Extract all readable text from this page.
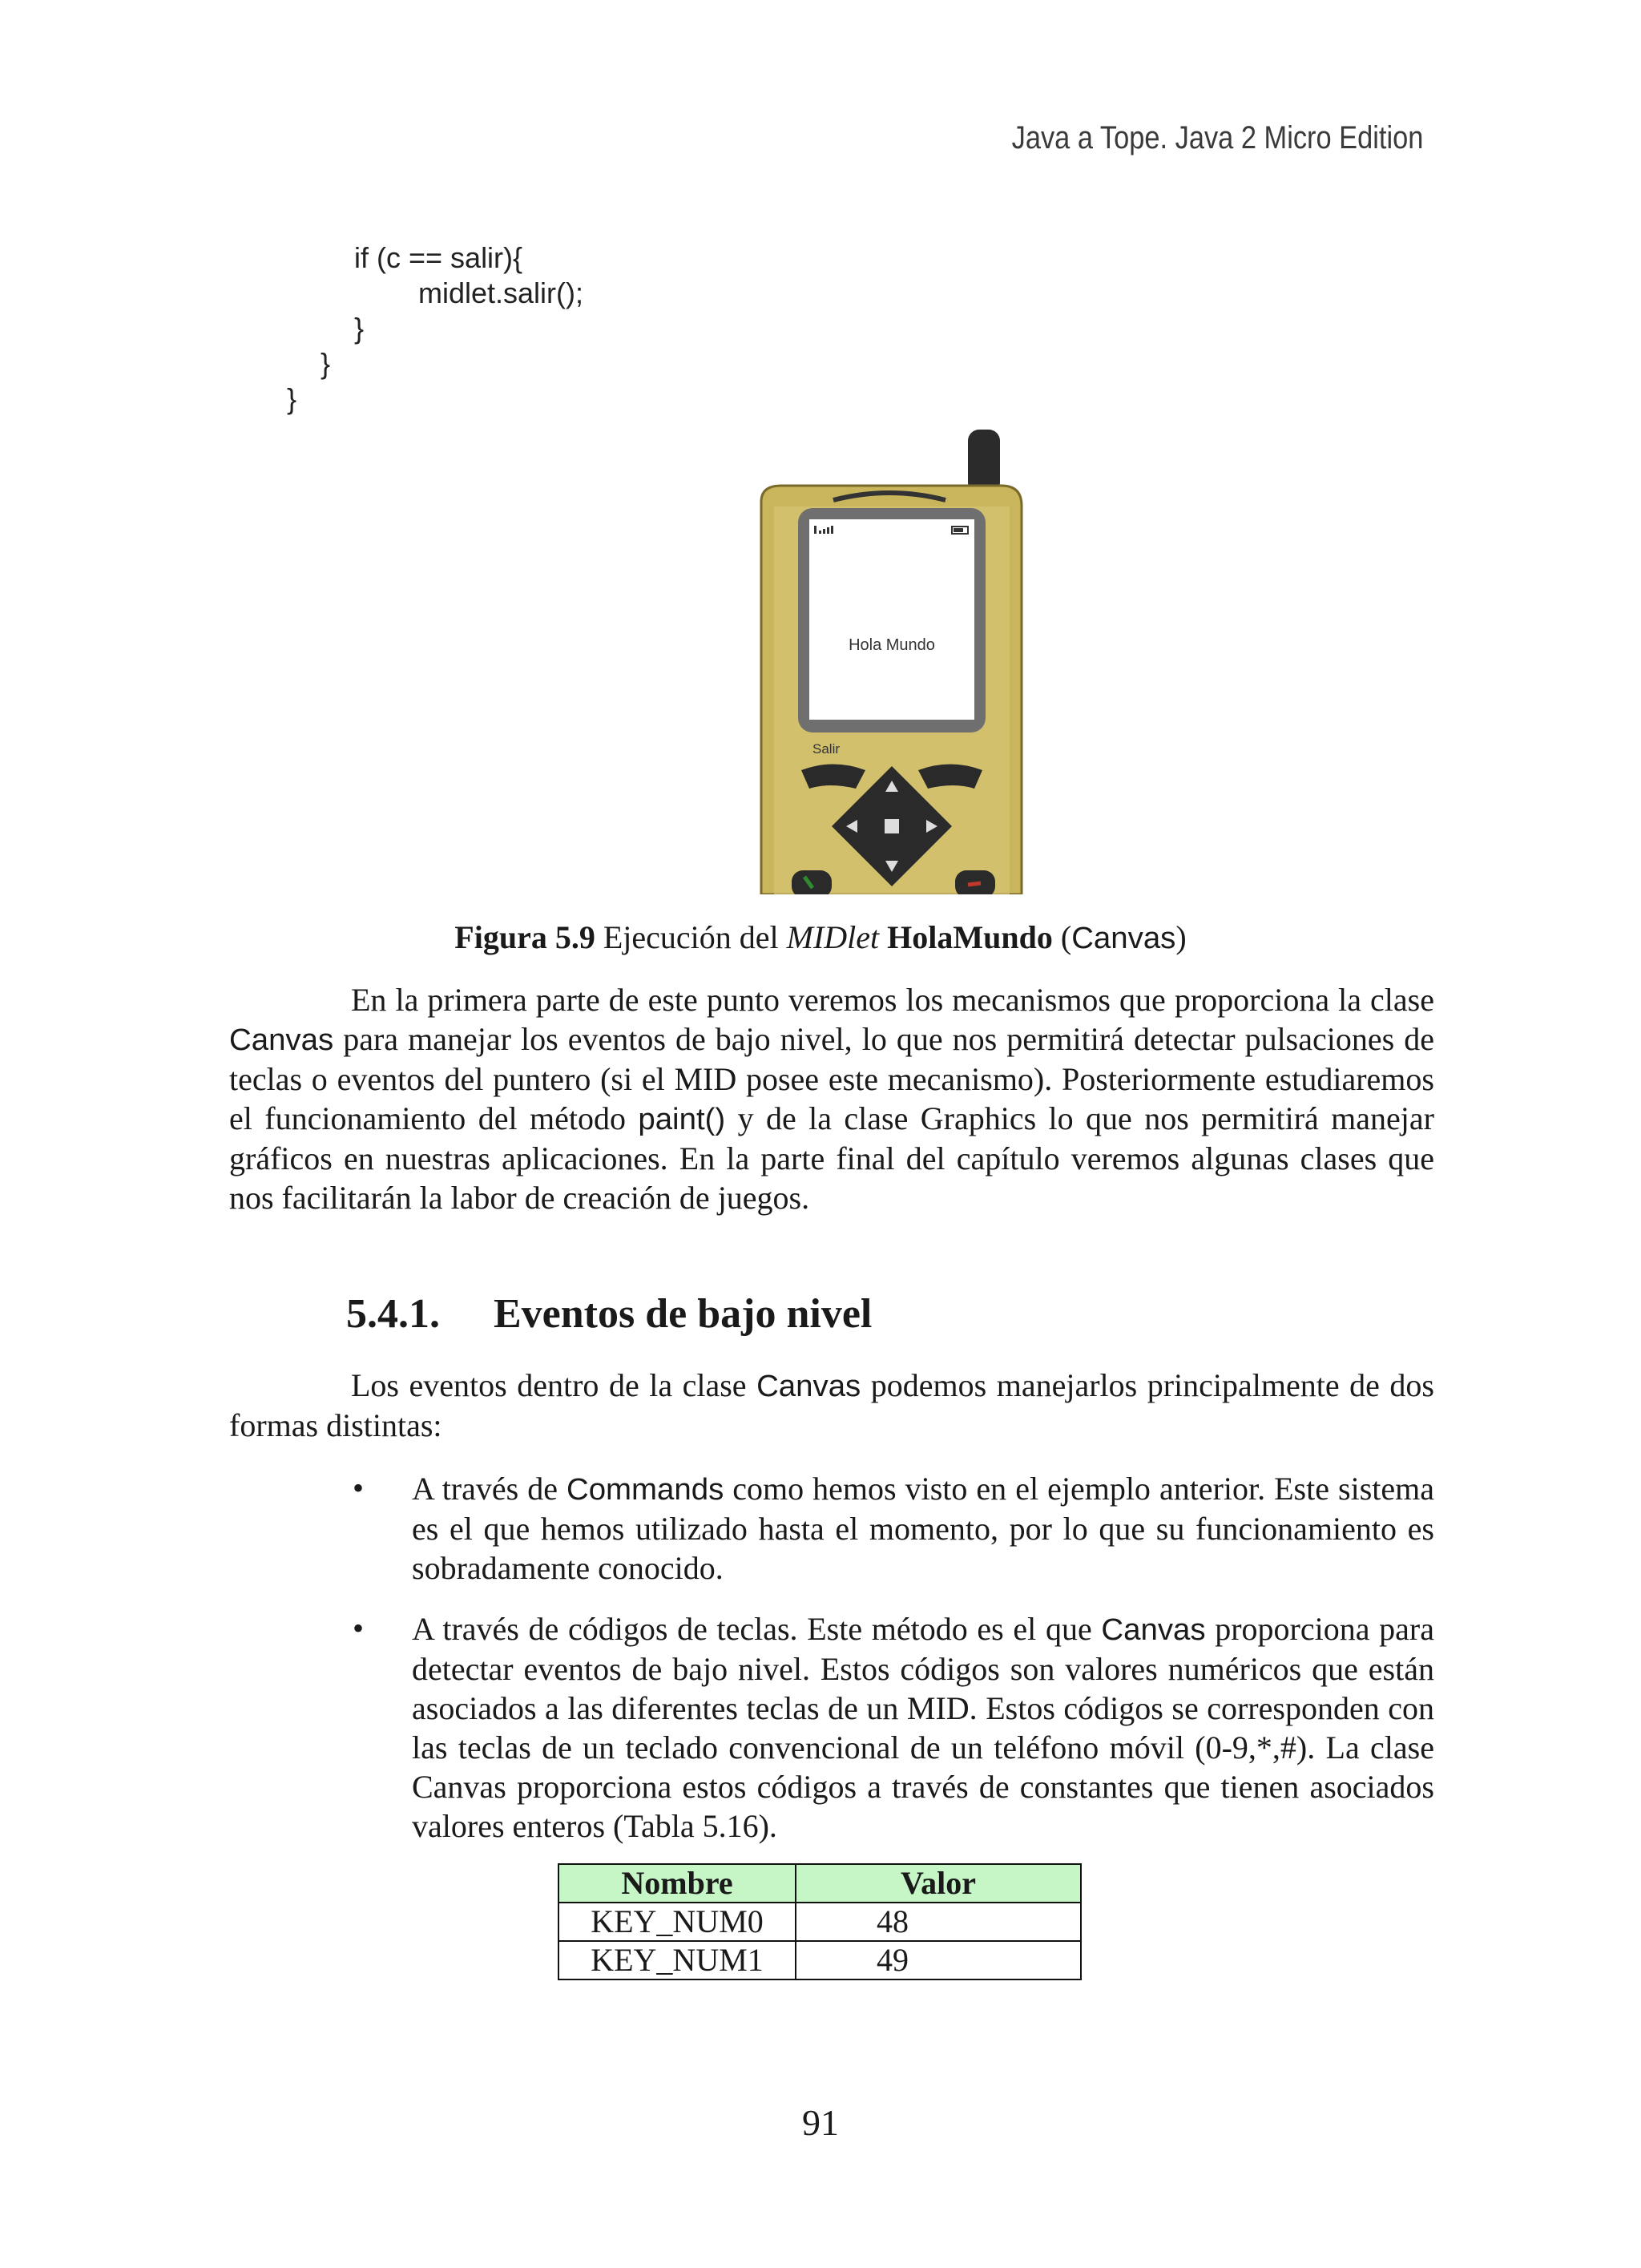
Java a Tope. Java 2 Micro Edition
if (c == salir){
midlet.salir();
}
}
}
Hola Mundo
Salir
Figura 5.9 Ejecución del MIDlet HolaMundo (Canvas)

En la primera parte de este punto veremos los mecanismos que proporciona la clase Canvas para manejar los eventos de bajo nivel, lo que nos permitirá detectar pulsaciones de teclas o eventos del puntero (si el MID posee este mecanismo). Posteriormente estudiaremos el funcionamiento del método paint() y de la clase Graphics lo que nos permitirá manejar gráficos en nuestras aplicaciones. En la parte final del capítulo veremos algunas clases que nos facilitarán la labor de creación de juegos.

5.4.1. Eventos de bajo nivel

Los eventos dentro de la clase Canvas podemos manejarlos principalmente de dos formas distintas:

• A través de Commands como hemos visto en el ejemplo anterior. Este sistema es el que hemos utilizado hasta el momento, por lo que su funcionamiento es sobradamente conocido.

• A través de códigos de teclas. Este método es el que Canvas proporciona para detectar eventos de bajo nivel. Estos códigos son valores numéricos que están asociados a las diferentes teclas de un MID. Estos códigos se corresponden con las teclas de un teclado convencional de un teléfono móvil (0-9,*,#). La clase Canvas proporciona estos códigos a través de constantes que tienen asociados valores enteros (Tabla 5.16).

Nombre	Valor
KEY_NUM0	48
KEY_NUM1	49
91
